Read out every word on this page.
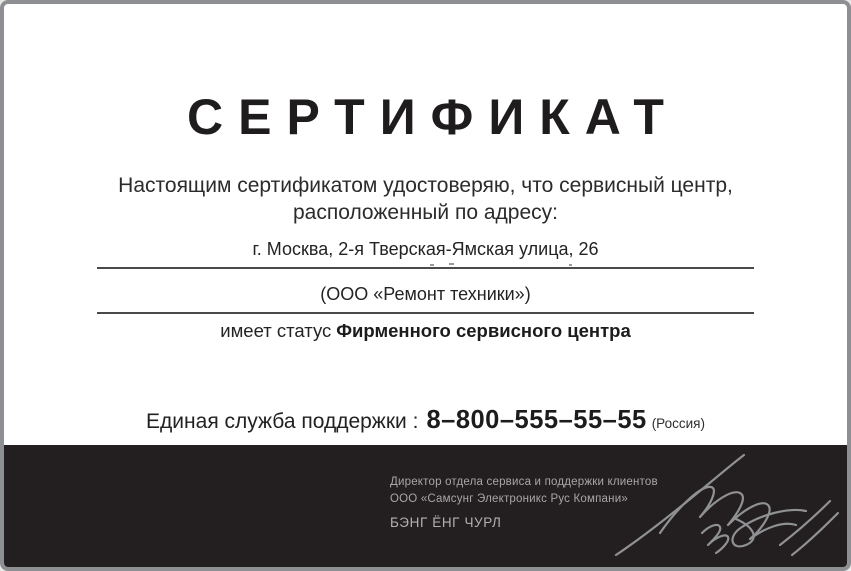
СЕРТИФИКАТ
Настоящим сертификатом удостоверяю, что сервисный центр,
расположенный по адресу:
г. Москва, 2-я Тверская-Ямская улица, 26
(ООО «Ремонт техники»)
имеет статус Фирменного сервисного центра
Единая служба поддержки : 8–800–555–55–55 (Россия)
Директор отдела сервиса и поддержки клиентов
ООО «Самсунг Электроникс Рус Компани»
БЭНГ ЁНГ ЧУРЛ
